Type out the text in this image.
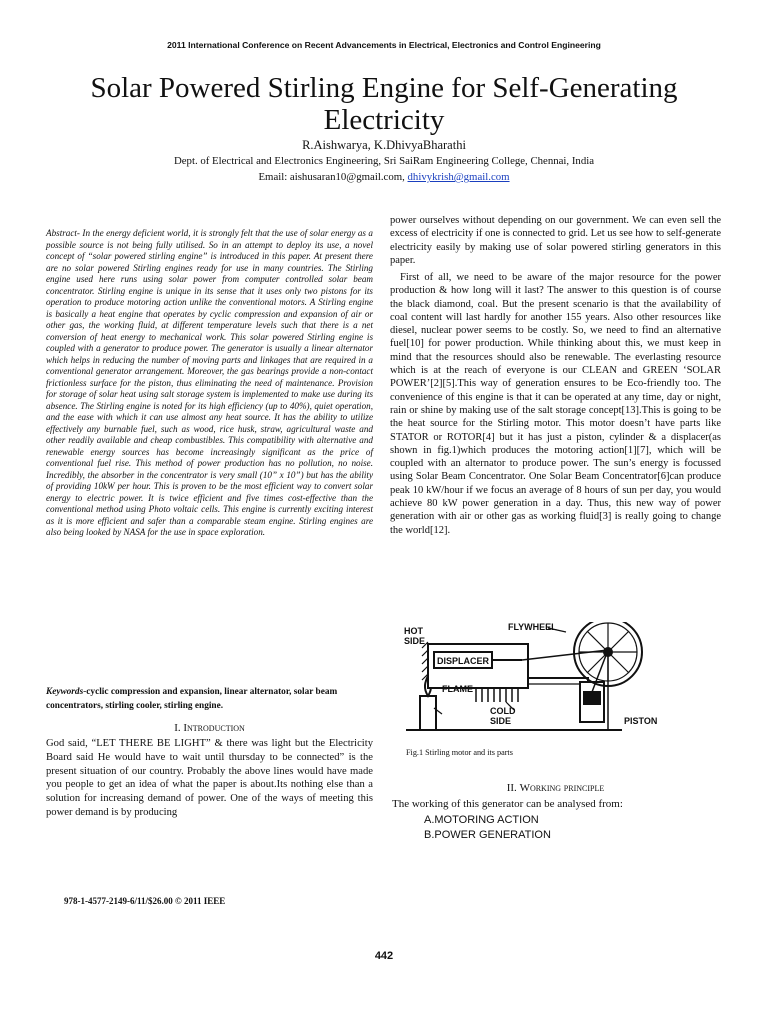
2011 International Conference on Recent Advancements in Electrical, Electronics and Control Engineering
Solar Powered Stirling Engine for Self-Generating Electricity
R.Aishwarya, K.DhivyaBharathi
Dept. of Electrical and Electronics Engineering, Sri SaiRam Engineering College, Chennai, India
Email: aishusaran10@gmail.com, dhivykrish@gmail.com
Abstract- In the energy deficient world, it is strongly felt that the use of solar energy as a possible source is not being fully utilised. So in an attempt to deploy its use, a novel concept of “solar powered stirling engine” is introduced in this paper. At present there are no solar powered Stirling engines ready for use in many countries. The Stirling engine used here runs using solar power from computer controlled solar beam concentrator. Stirling engine is unique in its sense that it uses only two pistons for its operation to produce motoring action unlike the conventional motors. A Stirling engine is basically a heat engine that operates by cyclic compression and expansion of air or other gas, the working fluid, at different temperature levels such that there is a net conversion of heat energy to mechanical work. This solar powered Stirling engine is coupled with a generator to produce power. The generator is usually a linear alternator which helps in reducing the number of moving parts and linkages that are required in a conventional generator arrangement. Moreover, the gas bearings provide a non-contact frictionless surface for the piston, thus eliminating the need of maintenance. Provision for storage of solar heat using salt storage system is implemented to make use during its absence. The Stirling engine is noted for its high efficiency (up to 40%), quiet operation, and the ease with which it can use almost any heat source. It has the ability to utilize effectively any burnable fuel, such as wood, rice husk, straw, agricultural waste and other readily available and cheap combustibles. This compatibility with alternative and renewable energy sources has become increasingly significant as the price of conventional fuel rise. This method of power production has no pollution, no noise. Incredibly, the absorber in the concentrator is very small (10” x 10”) but has the ability of providing 10kW per hour. This is proven to be the most efficient way to convert solar energy to electric power. It is twice efficient and five times cost-effective than the conventional method using Photo voltaic cells. This engine is currently exciting interest as it is more efficient and safer than a comparable steam engine. Stirling engines are also being looked by NASA for the use in space exploration.
Keywords-cyclic compression and expansion, linear alternator, solar beam concentrators, stirling cooler, stirling engine.
I. Introduction
God said, “LET THERE BE LIGHT” & there was light but the Electricity Board said He would have to wait until thursday to be connected” is the present situation of our country. Probably the above lines would have made you people to get an idea of what the paper is about.Its nothing else than a solution for increasing demand of power. One of the ways of meeting this power demand is by producing
978-1-4577-2149-6/11/$26.00 © 2011 IEEE
442
power ourselves without depending on our government. We can even sell the excess of electricity if one is connected to grid. Let us see how to self-generate electricity easily by making use of solar powered stirling generators in this paper.
First of all, we need to be aware of the major resource for the power production & how long will it last? The answer to this question is of course the black diamond, coal. But the present scenario is that the availability of coal content will last hardly for another 155 years. Also other resources like diesel, nuclear power seems to be costly. So, we need to find an alternative fuel[10] for power production. While thinking about this, we must keep in mind that the resources should also be renewable. The everlasting resource which is at the reach of everyone is our CLEAN and GREEN ‘SOLAR POWER’[2][5].This way of generation ensures to be Eco-friendly too. The convenience of this engine is that it can be operated at any time, day or night, rain or shine by making use of the salt storage concept[13].This is going to be the heat source for the Stirling motor. This motor doesn’t have parts like STATOR or ROTOR[4] but it has just a piston, cylinder & a displacer(as shown in fig.1)which produces the motoring action[1][7], which will be coupled with an alternator to produce power. The sun’s energy is focussed using Solar Beam Concentrator. One Solar Beam Concentrator[6]can produce peak 10 kW/hour if we focus an average of 8 hours of sun per day, you would achieve 80 kW power generation in a day. Thus, this new way of power generation with air or other gas as working fluid[3] is really going to change the world[12].
HOT
SIDE
FLYWHEEL
DISPLACER
FLAME
COLD
SIDE	PISTON
Fig.1 Stirling motor and its parts
II. Working principle
The working of this generator can be analysed from:
A.MOTORING ACTION
B.POWER GENERATION
